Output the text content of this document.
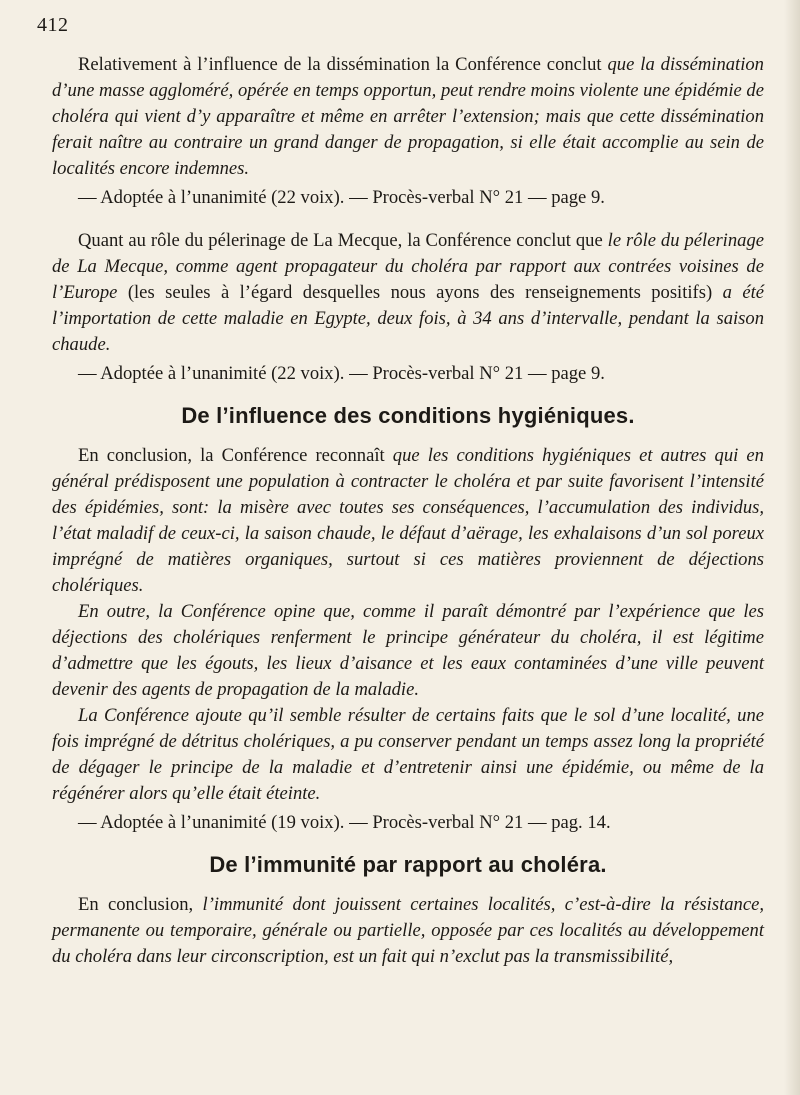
412

Relativement à l’influence de la dissémination la Conférence conclut que la dissémination d’une masse aggloméré, opérée en temps opportun, peut rendre moins violente une épidémie de choléra qui vient d’y apparaître et même en arrêter l’extension; mais que cette dissémination ferait naître au contraire un grand danger de propagation, si elle était accomplie au sein de localités encore indemnes.

— Adoptée à l’unanimité (22 voix). — Procès-verbal N° 21 — page 9.

Quant au rôle du pélerinage de La Mecque, la Conférence conclut que le rôle du pélerinage de La Mecque, comme agent propagateur du choléra par rapport aux contrées voisines de l’Europe (les seules à l’égard desquelles nous ayons des renseignements positifs) a été l’importation de cette maladie en Egypte, deux fois, à 34 ans d’intervalle, pendant la saison chaude.

— Adoptée à l’unanimité (22 voix). — Procès-verbal N° 21 — page 9.

De l’influence des conditions hygiéniques.

En conclusion, la Conférence reconnaît que les conditions hygiéniques et autres qui en général prédisposent une population à contracter le choléra et par suite favorisent l’intensité des épidémies, sont: la misère avec toutes ses conséquences, l’accumulation des individus, l’état maladif de ceux-ci, la saison chaude, le défaut d’aërage, les exhalaisons d’un sol poreux imprégné de matières organiques, surtout si ces matières proviennent de déjections cholériques.

En outre, la Conférence opine que, comme il paraît démontré par l’expérience que les déjections des cholériques renferment le principe générateur du choléra, il est légitime d’admettre que les égouts, les lieux d’aisance et les eaux contaminées d’une ville peuvent devenir des agents de propagation de la maladie.

La Conférence ajoute qu’il semble résulter de certains faits que le sol d’une localité, une fois imprégné de détritus cholériques, a pu conserver pendant un temps assez long la propriété de dégager le principe de la maladie et d’entretenir ainsi une épidémie, ou même de la régénérer alors qu’elle était éteinte.

— Adoptée à l’unanimité (19 voix). — Procès-verbal N° 21 — pag. 14.

De l’immunité par rapport au choléra.

En conclusion, l’immunité dont jouissent certaines localités, c’est-à-dire la résistance, permanente ou temporaire, générale ou partielle, opposée par ces localités au développement du choléra dans leur circonscription, est un fait qui n’exclut pas la transmissibilité,
